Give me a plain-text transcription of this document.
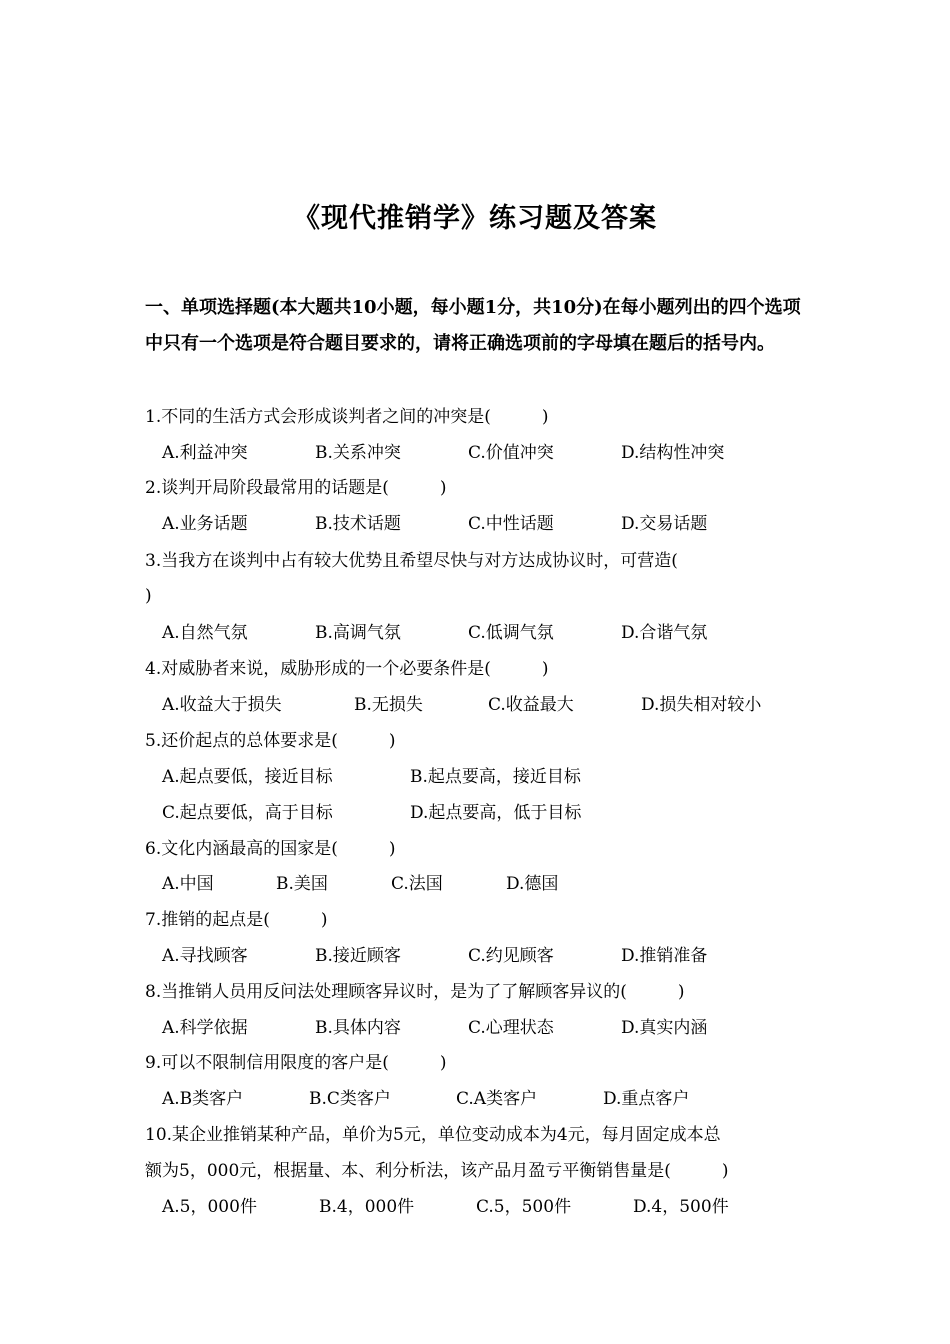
《现代推销学》练习题及答案
一、单项选择题(本大题共10小题，每小题1分，共10分)在每小题列出的四个选项中只有一个选项是符合题目要求的，请将正确选项前的字母填在题后的括号内。
1.不同的生活方式会形成谈判者之间的冲突是(　　　)
A.利益冲突	B.关系冲突	C.价值冲突	D.结构性冲突
2.谈判开局阶段最常用的话题是(　　　)
A.业务话题	B.技术话题	C.中性话题	D.交易话题
3.当我方在谈判中占有较大优势且希望尽快与对方达成协议时，可营造(
)
A.自然气氛	B.高调气氛	C.低调气氛	D.合谐气氛
4.对威胁者来说，威胁形成的一个必要条件是(　　　)
A.收益大于损失	B.无损失	C.收益最大	D.损失相对较小
5.还价起点的总体要求是(　　　)
A.起点要低，接近目标	B.起点要高，接近目标
C.起点要低，高于目标	D.起点要高，低于目标
6.文化内涵最高的国家是(　　　)
A.中国	B.美国	C.法国	D.德国
7.推销的起点是(　　　)
A.寻找顾客	B.接近顾客	C.约见顾客	D.推销准备
8.当推销人员用反问法处理顾客异议时，是为了了解顾客异议的(　　　)
A.科学依据	B.具体内容	C.心理状态	D.真实内涵
9.可以不限制信用限度的客户是(　　　)
A.B类客户	B.C类客户	C.A类客户	D.重点客户
10.某企业推销某种产品，单价为5元，单位变动成本为4元，每月固定成本总
额为5，000元，根据量、本、利分析法，该产品月盈亏平衡销售量是(　　　)
A.5，000件	B.4，000件	C.5，500件	D.4，500件
